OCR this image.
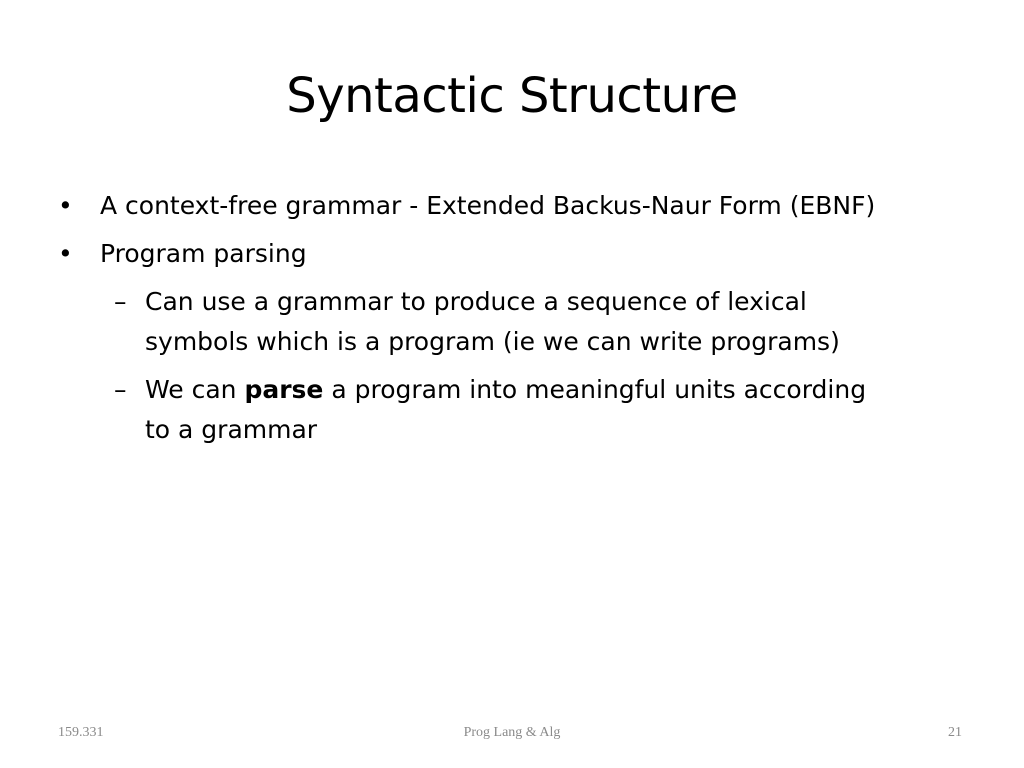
Syntactic Structure
• A context-free grammar - Extended Backus-Naur Form (EBNF)
• Program parsing
– Can use a grammar to produce a sequence of lexical
symbols which is a program (ie we can write programs)
– We can parse a program into meaningful units according
to a grammar
159.331	Prog Lang & Alg	21
